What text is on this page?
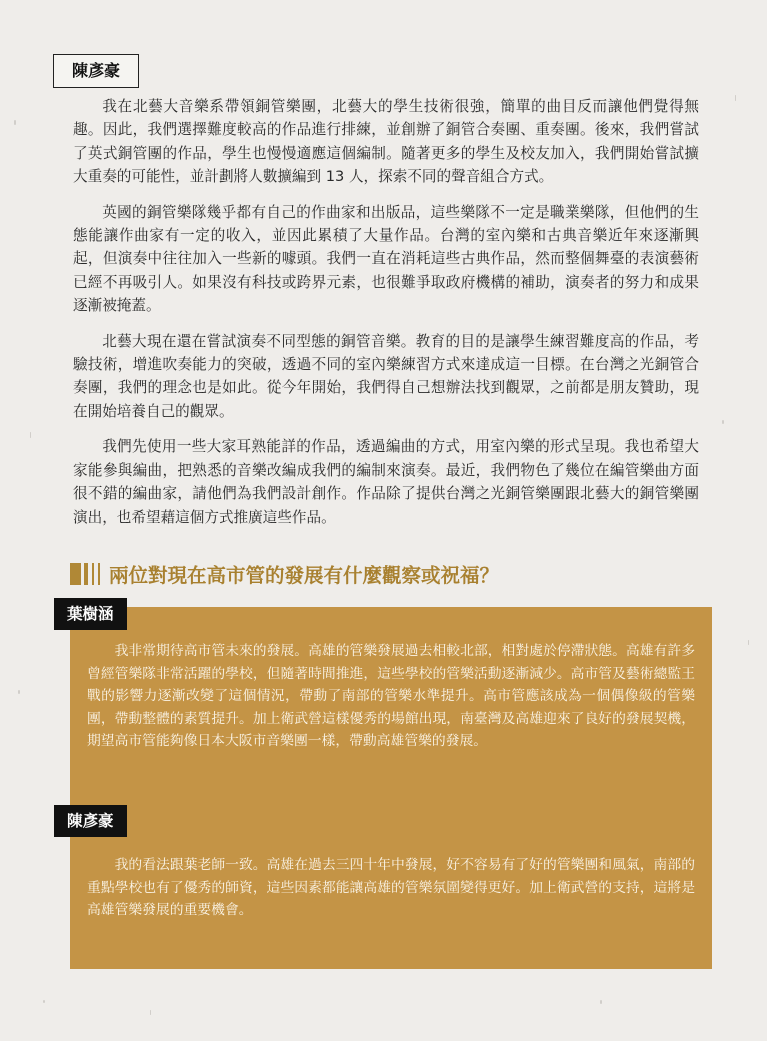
陳彥豪

我在北藝大音樂系帶領銅管樂團，北藝大的學生技術很強，簡單的曲目反而讓他們覺得無趣。因此，我們選擇難度較高的作品進行排練，並創辦了銅管合奏團、重奏團。後來，我們嘗試了英式銅管團的作品，學生也慢慢適應這個編制。隨著更多的學生及校友加入，我們開始嘗試擴大重奏的可能性，並計劃將人數擴編到 13 人，探索不同的聲音組合方式。

英國的銅管樂隊幾乎都有自己的作曲家和出版品，這些樂隊不一定是職業樂隊，但他們的生態能讓作曲家有一定的收入，並因此累積了大量作品。台灣的室內樂和古典音樂近年來逐漸興起，但演奏中往往加入一些新的噱頭。我們一直在消耗這些古典作品，然而整個舞臺的表演藝術已經不再吸引人。如果沒有科技或跨界元素，也很難爭取政府機構的補助，演奏者的努力和成果逐漸被掩蓋。

北藝大現在還在嘗試演奏不同型態的銅管音樂。教育的目的是讓學生練習難度高的作品，考驗技術，增進吹奏能力的突破，透過不同的室內樂練習方式來達成這一目標。在台灣之光銅管合奏團，我們的理念也是如此。從今年開始，我們得自己想辦法找到觀眾，之前都是朋友贊助，現在開始培養自己的觀眾。

我們先使用一些大家耳熟能詳的作品，透過編曲的方式，用室內樂的形式呈現。我也希望大家能參與編曲，把熟悉的音樂改編成我們的編制來演奏。最近，我們物色了幾位在編管樂曲方面很不錯的編曲家，請他們為我們設計創作。作品除了提供台灣之光銅管樂團跟北藝大的銅管樂團演出，也希望藉這個方式推廣這些作品。

兩位對現在高市管的發展有什麼觀察或祝福？
葉樹涵

我非常期待高市管未來的發展。高雄的管樂發展過去相較北部，相對處於停滯狀態。高雄有許多曾經管樂隊非常活躍的學校，但隨著時間推進，這些學校的管樂活動逐漸減少。高市管及藝術總監王戰的影響力逐漸改變了這個情況，帶動了南部的管樂水準提升。高市管應該成為一個偶像級的管樂團，帶動整體的素質提升。加上衛武營這樣優秀的場館出現，南臺灣及高雄迎來了良好的發展契機，期望高市管能夠像日本大阪市音樂團一樣，帶動高雄管樂的發展。

陳彥豪

我的看法跟葉老師一致。高雄在過去三四十年中發展，好不容易有了好的管樂團和風氣，南部的重點學校也有了優秀的師資，這些因素都能讓高雄的管樂氛圍變得更好。加上衛武營的支持，這將是高雄管樂發展的重要機會。
